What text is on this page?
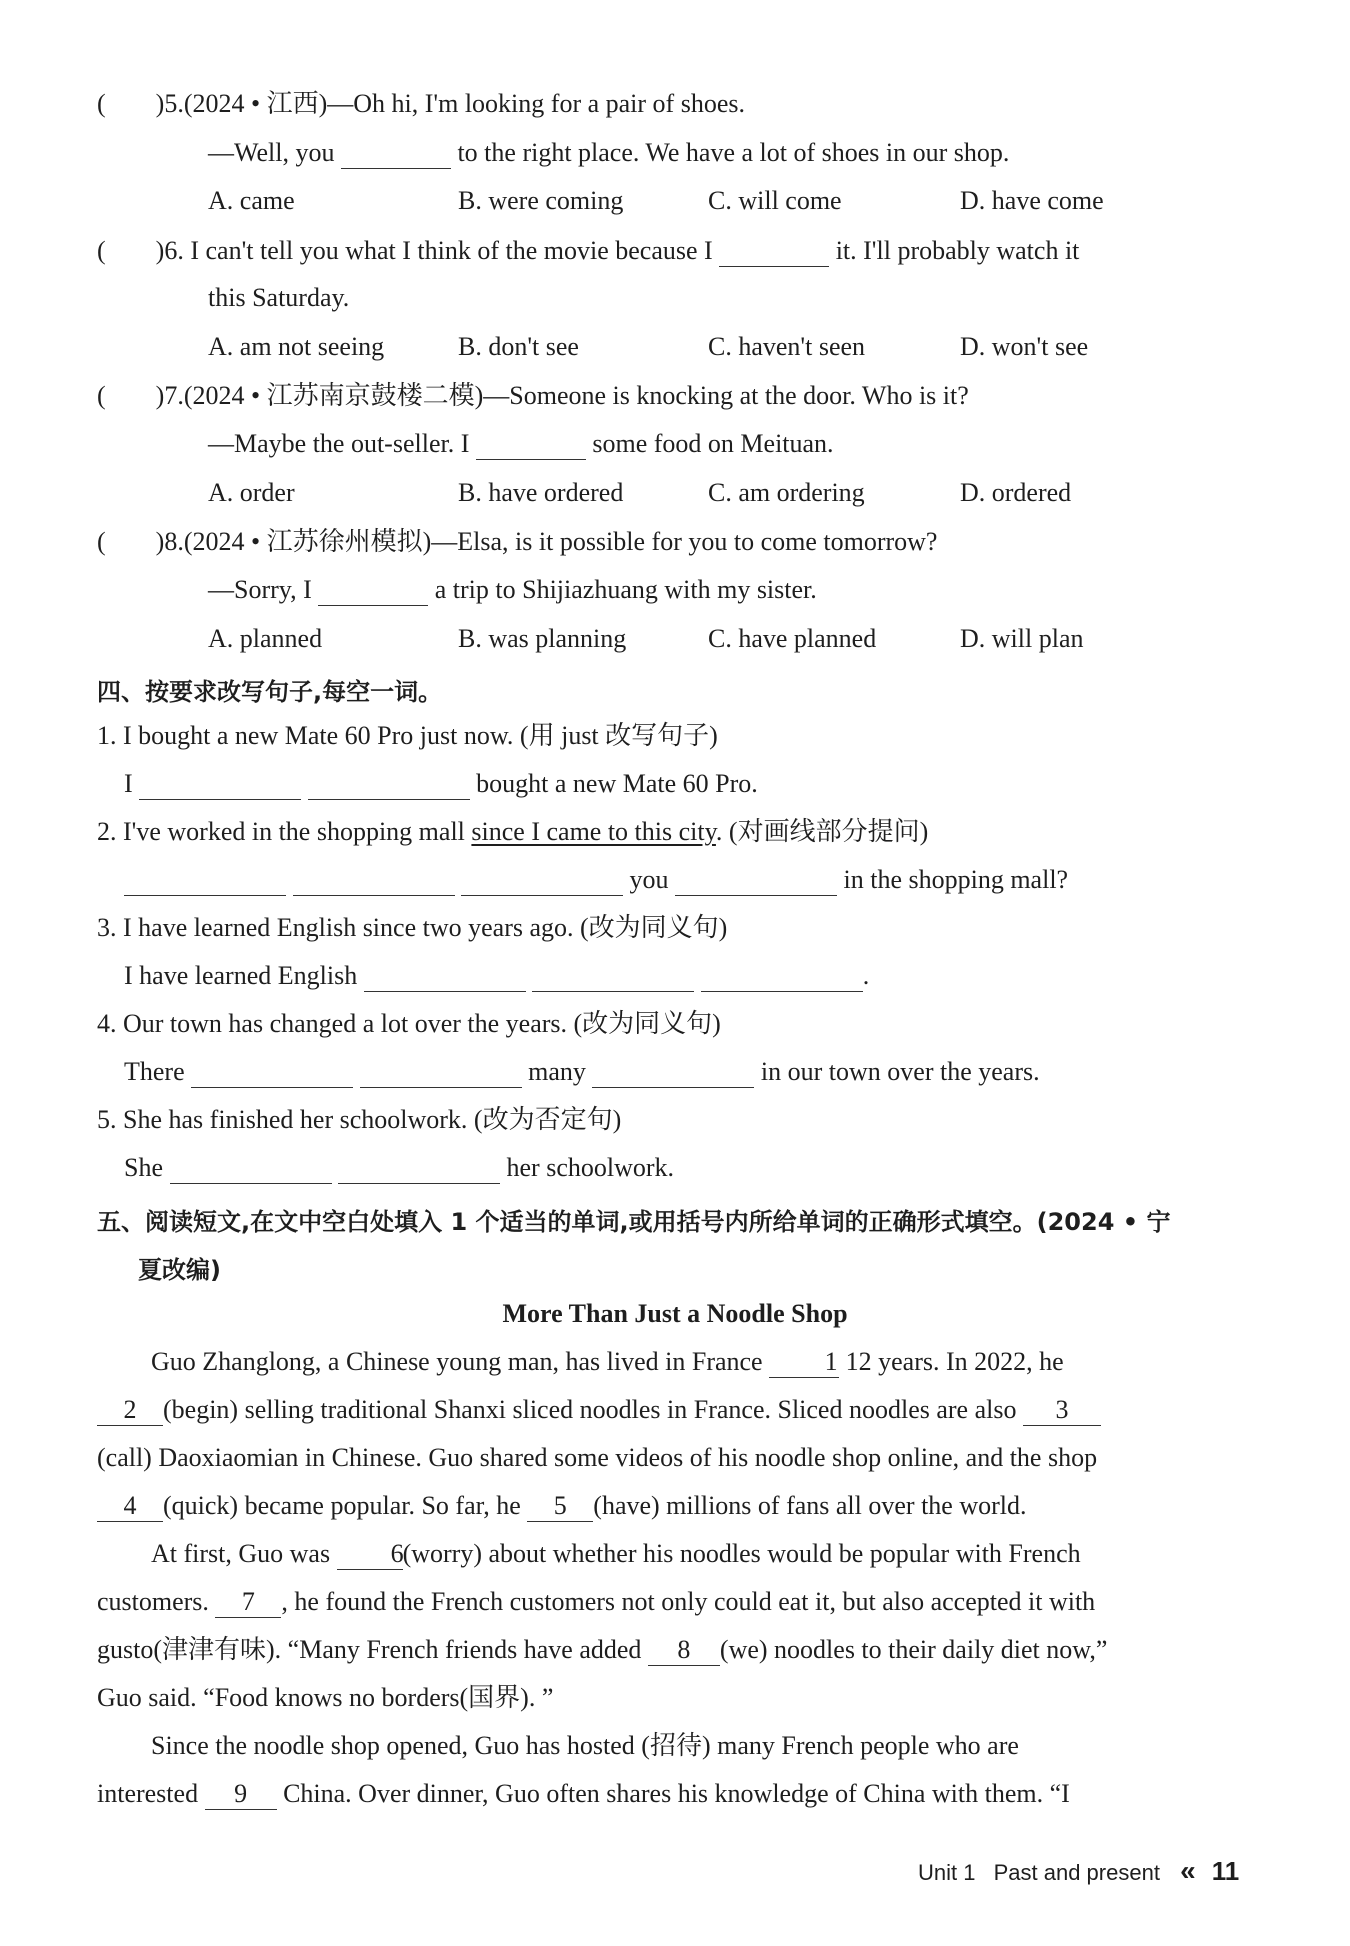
( )5.(2024 • 江西)—Oh hi, I'm looking for a pair of shoes.
—Well, you	to the right place. We have a lot of shoes in our shop.
A. came	B. were coming	C. will come	D. have come
( )6. I can't tell you what I think of the movie because I	it. I'll probably watch it
this Saturday.
A. am not seeing	B. don't see	C. haven't seen	D. won't see
( )7.(2024 • 江苏南京鼓楼二模)—Someone is knocking at the door. Who is it?
—Maybe the out-seller. I	some food on Meituan.
A. order	B. have ordered	C. am ordering	D. ordered
( )8.(2024 • 江苏徐州模拟)—Elsa, is it possible for you to come tomorrow?
—Sorry, I	a trip to Shijiazhuang with my sister.
A. planned	B. was planning	C. have planned	D. will plan
四、按要求改写句子,每空一词。
1. I bought a new Mate 60 Pro just now. (用 just 改写句子)
I	bought a new Mate 60 Pro.
2. I've worked in the shopping mall since I came to this city. (对画线部分提问)
you	in the shopping mall?
3. I have learned English since two years ago. (改为同义句)
I have learned English	.
4. Our town has changed a lot over the years. (改为同义句)
There	many	in our town over the years.
5. She has finished her schoolwork. (改为否定句)
She	her schoolwork.
五、阅读短文,在文中空白处填入 1 个适当的单词,或用括号内所给单词的正确形式填空。(2024 • 宁
夏改编)
More Than Just a Noodle Shop
Guo Zhanglong, a Chinese young man, has lived in France 1 12 years. In 2022, he
2 (begin) selling traditional Shanxi sliced noodles in France. Sliced noodles are also 3
(call) Daoxiaomian in Chinese. Guo shared some videos of his noodle shop online, and the shop
4 (quick) became popular. So far, he 5 (have) millions of fans all over the world.
At first, Guo was 6(worry) about whether his noodles would be popular with French
customers. 7 , he found the French customers not only could eat it, but also accepted it with
gusto(津津有味). “Many French friends have added 8 (we) noodles to their daily diet now,”
Guo said. “Food knows no borders(国界). ”
Since the noodle shop opened, Guo has hosted (招待) many French people who are
interested 9 China. Over dinner, Guo often shares his knowledge of China with them. “I
Unit 1 Past and present « 11
